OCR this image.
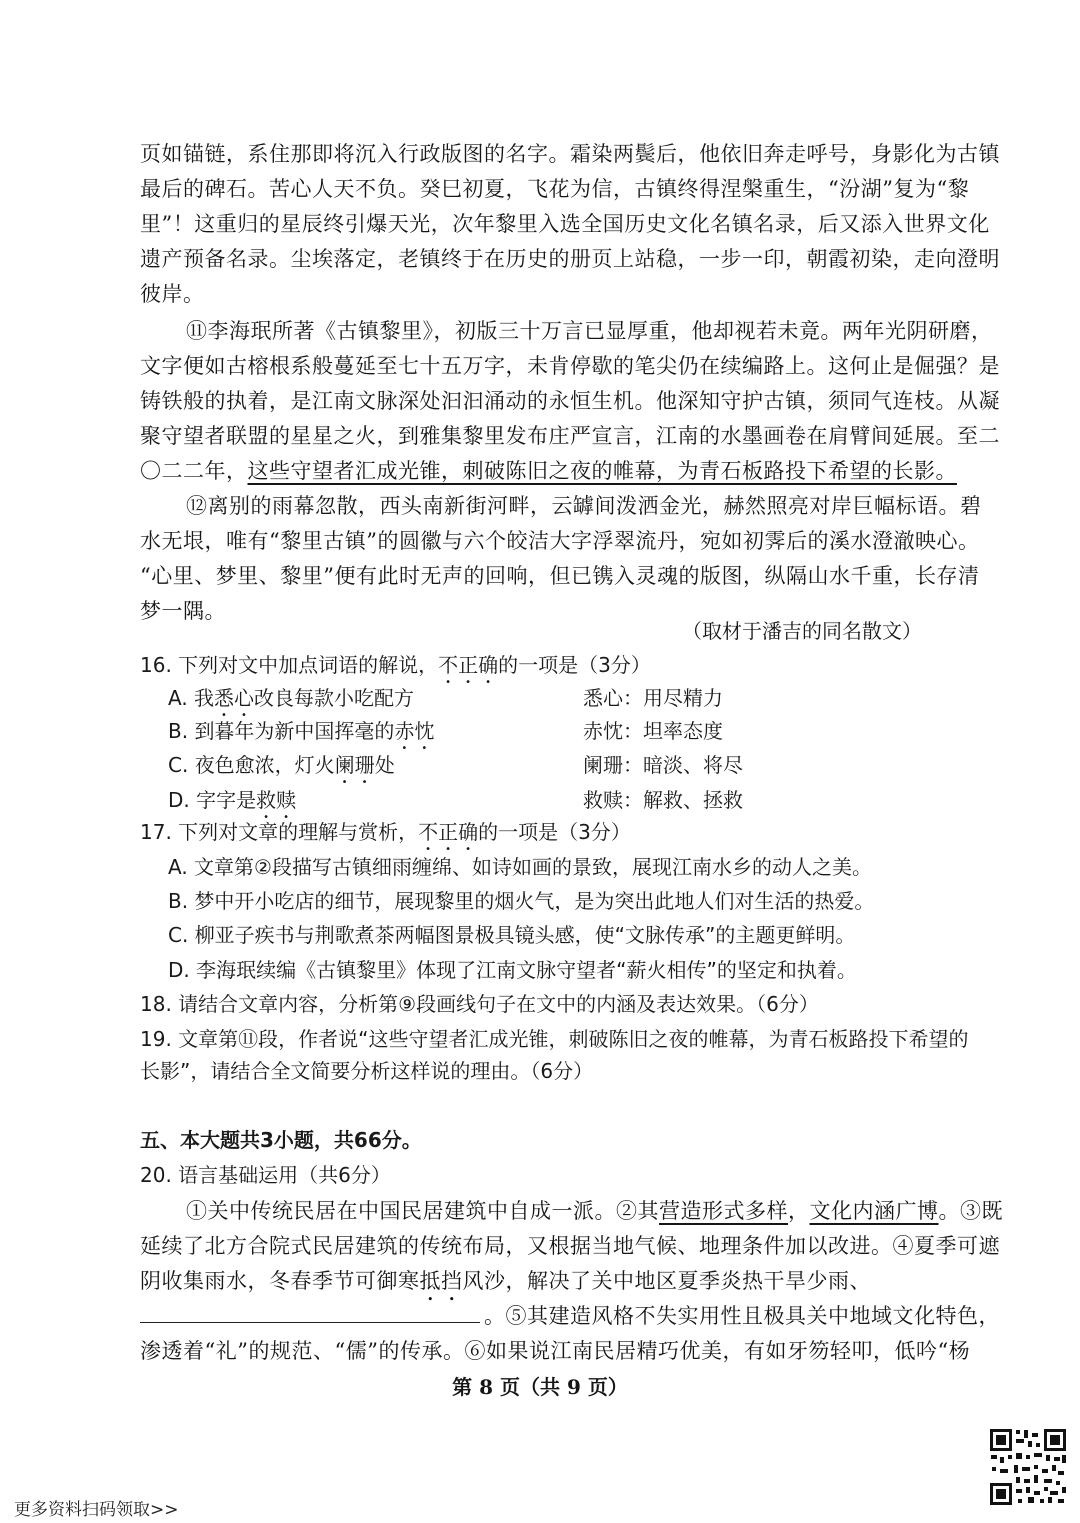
页如锚链，系住那即将沉入行政版图的名字。霜染两鬓后，他依旧奔走呼号，身影化为古镇
最后的碑石。苦心人天不负。癸巳初夏，飞花为信，古镇终得涅槃重生，“汾湖”复为“黎
里”！这重归的星辰终引爆天光，次年黎里入选全国历史文化名镇名录，后又添入世界文化
遗产预备名录。尘埃落定，老镇终于在历史的册页上站稳，一步一印，朝霞初染，走向澄明
彼岸。
⑪李海珉所著《古镇黎里》，初版三十万言已显厚重，他却视若未竟。两年光阴研磨，
文字便如古榕根系般蔓延至七十五万字，未肯停歇的笔尖仍在续编路上。这何止是倔强？是
铸铁般的执着，是江南文脉深处汩汩涌动的永恒生机。他深知守护古镇，须同气连枝。从凝
聚守望者联盟的星星之火，到雅集黎里发布庄严宣言，江南的水墨画卷在肩臂间延展。至二
〇二二年，这些守望者汇成光锥，刺破陈旧之夜的帷幕，为青石板路投下希望的长影。
⑫离别的雨幕忽散，西头南新街河畔，云罅间泼洒金光，赫然照亮对岸巨幅标语。碧
水无垠，唯有“黎里古镇”的圆徽与六个皎洁大字浮翠流丹，宛如初霁后的溪水澄澈映心。
“心里、梦里、黎里”便有此时无声的回响，但已镌入灵魂的版图，纵隔山水千重，长存清
梦一隅。
（取材于潘吉的同名散文）
16. 下列对文中加点词语的解说，不正确的一项是（3分）
A. 我悉心改良每款小吃配方	悉心：用尽精力
B. 到暮年为新中国挥毫的赤忱	赤忱：坦率态度
C. 夜色愈浓，灯火阑珊处	阑珊：暗淡、将尽
D. 字字是救赎	救赎：解救、拯救
17. 下列对文章的理解与赏析，不正确的一项是（3分）
A. 文章第②段描写古镇细雨缠绵、如诗如画的景致，展现江南水乡的动人之美。
B. 梦中开小吃店的细节，展现黎里的烟火气，是为突出此地人们对生活的热爱。
C. 柳亚子疾书与荆歌煮茶两幅图景极具镜头感，使“文脉传承”的主题更鲜明。
D. 李海珉续编《古镇黎里》体现了江南文脉守望者“薪火相传”的坚定和执着。
18. 请结合文章内容，分析第⑨段画线句子在文中的内涵及表达效果。（6分）
19. 文章第⑪段，作者说“这些守望者汇成光锥，刺破陈旧之夜的帷幕，为青石板路投下希望的
长影”，请结合全文简要分析这样说的理由。（6分）
五、本大题共3小题，共66分。
20. 语言基础运用（共6分）
①关中传统民居在中国民居建筑中自成一派。②其营造形式多样，文化内涵广博。③既
延续了北方合院式民居建筑的传统布局，又根据当地气候、地理条件加以改进。④夏季可遮
阴收集雨水，冬春季节可御寒抵挡风沙，解决了关中地区夏季炎热干旱少雨、
。⑤其建造风格不失实用性且极具关中地域文化特色，
渗透着“礼”的规范、“儒”的传承。⑥如果说江南民居精巧优美，有如牙笏轻叩，低吟“杨
第 8 页（共 9 页）
更多资料扫码领取>>
